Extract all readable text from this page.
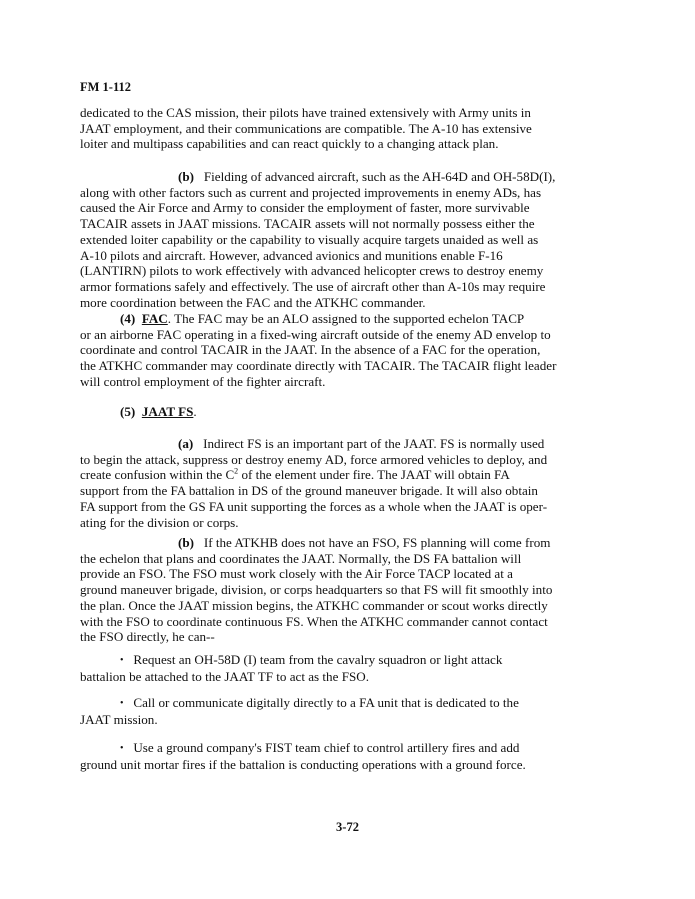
FM 1-112
dedicated to the CAS mission, their pilots have trained extensively with Army units in
JAAT employment, and their communications are compatible. The A-10 has extensive
loiter and multipass capabilities and can react quickly to a changing attack plan.
(b) Fielding of advanced aircraft, such as the AH-64D and OH-58D(I),
along with other factors such as current and projected improvements in enemy ADs, has
caused the Air Force and Army to consider the employment of faster, more survivable
TACAIR assets in JAAT missions. TACAIR assets will not normally possess either the
extended loiter capability or the capability to visually acquire targets unaided as well as
A-10 pilots and aircraft. However, advanced avionics and munitions enable F-16
(LANTIRN) pilots to work effectively with advanced helicopter crews to destroy enemy
armor formations safely and effectively. The use of aircraft other than A-10s may require
more coordination between the FAC and the ATKHC commander.
(4) FAC. The FAC may be an ALO assigned to the supported echelon TACP
or an airborne FAC operating in a fixed-wing aircraft outside of the enemy AD envelop to
coordinate and control TACAIR in the JAAT. In the absence of a FAC for the operation,
the ATKHC commander may coordinate directly with TACAIR. The TACAIR flight leader
will control employment of the fighter aircraft.
(5) JAAT FS.
(a) Indirect FS is an important part of the JAAT. FS is normally used
to begin the attack, suppress or destroy enemy AD, force armored vehicles to deploy, and
create confusion within the $C^2$ of the element under fire. The JAAT will obtain FA
support from the FA battalion in DS of the ground maneuver brigade. It will also obtain
FA support from the GS FA unit supporting the forces as a whole when the JAAT is oper-
ating for the division or corps.
(b) If the ATKHB does not have an FSO, FS planning will come from
the echelon that plans and coordinates the JAAT. Normally, the DS FA battalion will
provide an FSO. The FSO must work closely with the Air Force TACP located at a
ground maneuver brigade, division, or corps headquarters so that FS will fit smoothly into
the plan. Once the JAAT mission begins, the ATKHC commander or scout works directly
with the FSO to coordinate continuous FS. When the ATKHC commander cannot contact
the FSO directly, he can--
• Request an OH-58D (I) team from the cavalry squadron or light attack
battalion be attached to the JAAT TF to act as the FSO.
• Call or communicate digitally directly to a FA unit that is dedicated to the
JAAT mission.
• Use a ground company's FIST team chief to control artillery fires and add
ground unit mortar fires if the battalion is conducting operations with a ground force.
3-72
